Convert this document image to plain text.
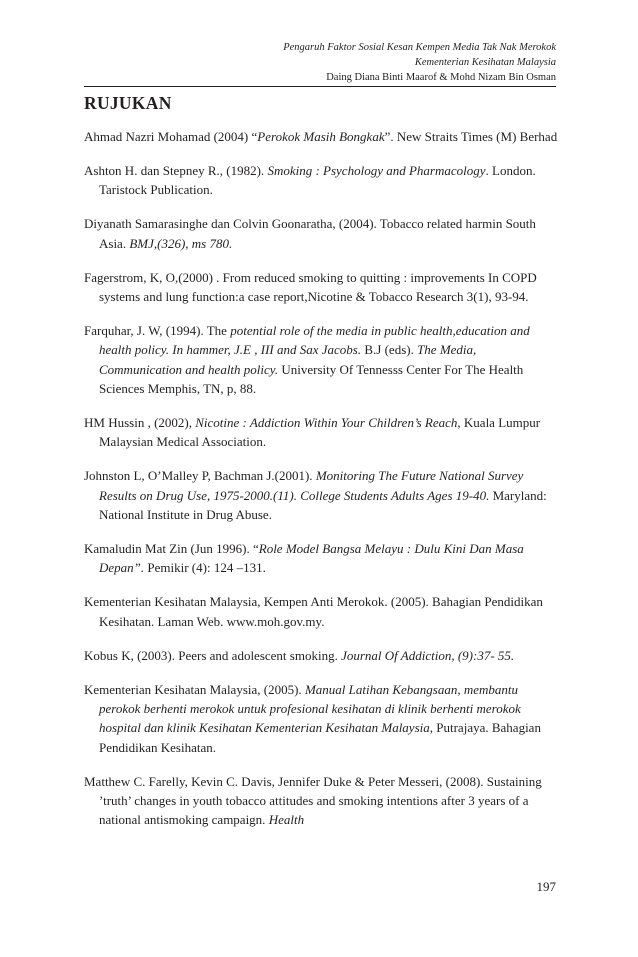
Pengaruh Faktor Sosial Kesan Kempen Media Tak Nak Merokok
Kementerian Kesihatan Malaysia
Daing Diana Binti Maarof & Mohd Nizam Bin Osman
RUJUKAN

Ahmad Nazri Mohamad (2004) “Perokok Masih Bongkak”. New Straits Times (M) Berhad

Ashton H. dan Stepney R., (1982). Smoking : Psychology and Pharmacology. London. Taristock Publication.

Diyanath Samarasinghe dan Colvin Goonaratha, (2004). Tobacco related harmin South Asia. BMJ,(326), ms 780.

Fagerstrom, K, O,(2000) . From reduced smoking to quitting : improvements In COPD systems and lung function:a case report,Nicotine & Tobacco Research 3(1), 93-94.

Farquhar, J. W, (1994). The potential role of the media in public health,education and health policy. In hammer, J.E , III and Sax Jacobs. B.J (eds). The Media, Communication and health policy. University Of Tennesss Center For The Health Sciences Memphis, TN, p, 88.

HM Hussin , (2002), Nicotine : Addiction Within Your Children’s Reach, Kuala Lumpur Malaysian Medical Association.

Johnston L, O’Malley P, Bachman J.(2001). Monitoring The Future National Survey Results on Drug Use, 1975-2000.(11). College Students Adults Ages 19-40. Maryland: National Institute in Drug Abuse.

Kamaludin Mat Zin (Jun 1996). “Role Model Bangsa Melayu : Dulu Kini Dan Masa Depan”. Pemikir (4): 124 –131.

Kementerian Kesihatan Malaysia, Kempen Anti Merokok. (2005). Bahagian Pendidikan Kesihatan. Laman Web. www.moh.gov.my.

Kobus K, (2003). Peers and adolescent smoking. Journal Of Addiction, (9):37- 55.

Kementerian Kesihatan Malaysia, (2005). Manual Latihan Kebangsaan, membantu perokok berhenti merokok untuk profesional kesihatan di klinik berhenti merokok hospital dan klinik Kesihatan Kementerian Kesihatan Malaysia, Putrajaya. Bahagian Pendidikan Kesihatan.

Matthew C. Farelly, Kevin C. Davis, Jennifer Duke & Peter Messeri, (2008). Sustaining ’truth’ changes in youth tobacco attitudes and smoking intentions after 3 years of a national antismoking campaign. Health

197
